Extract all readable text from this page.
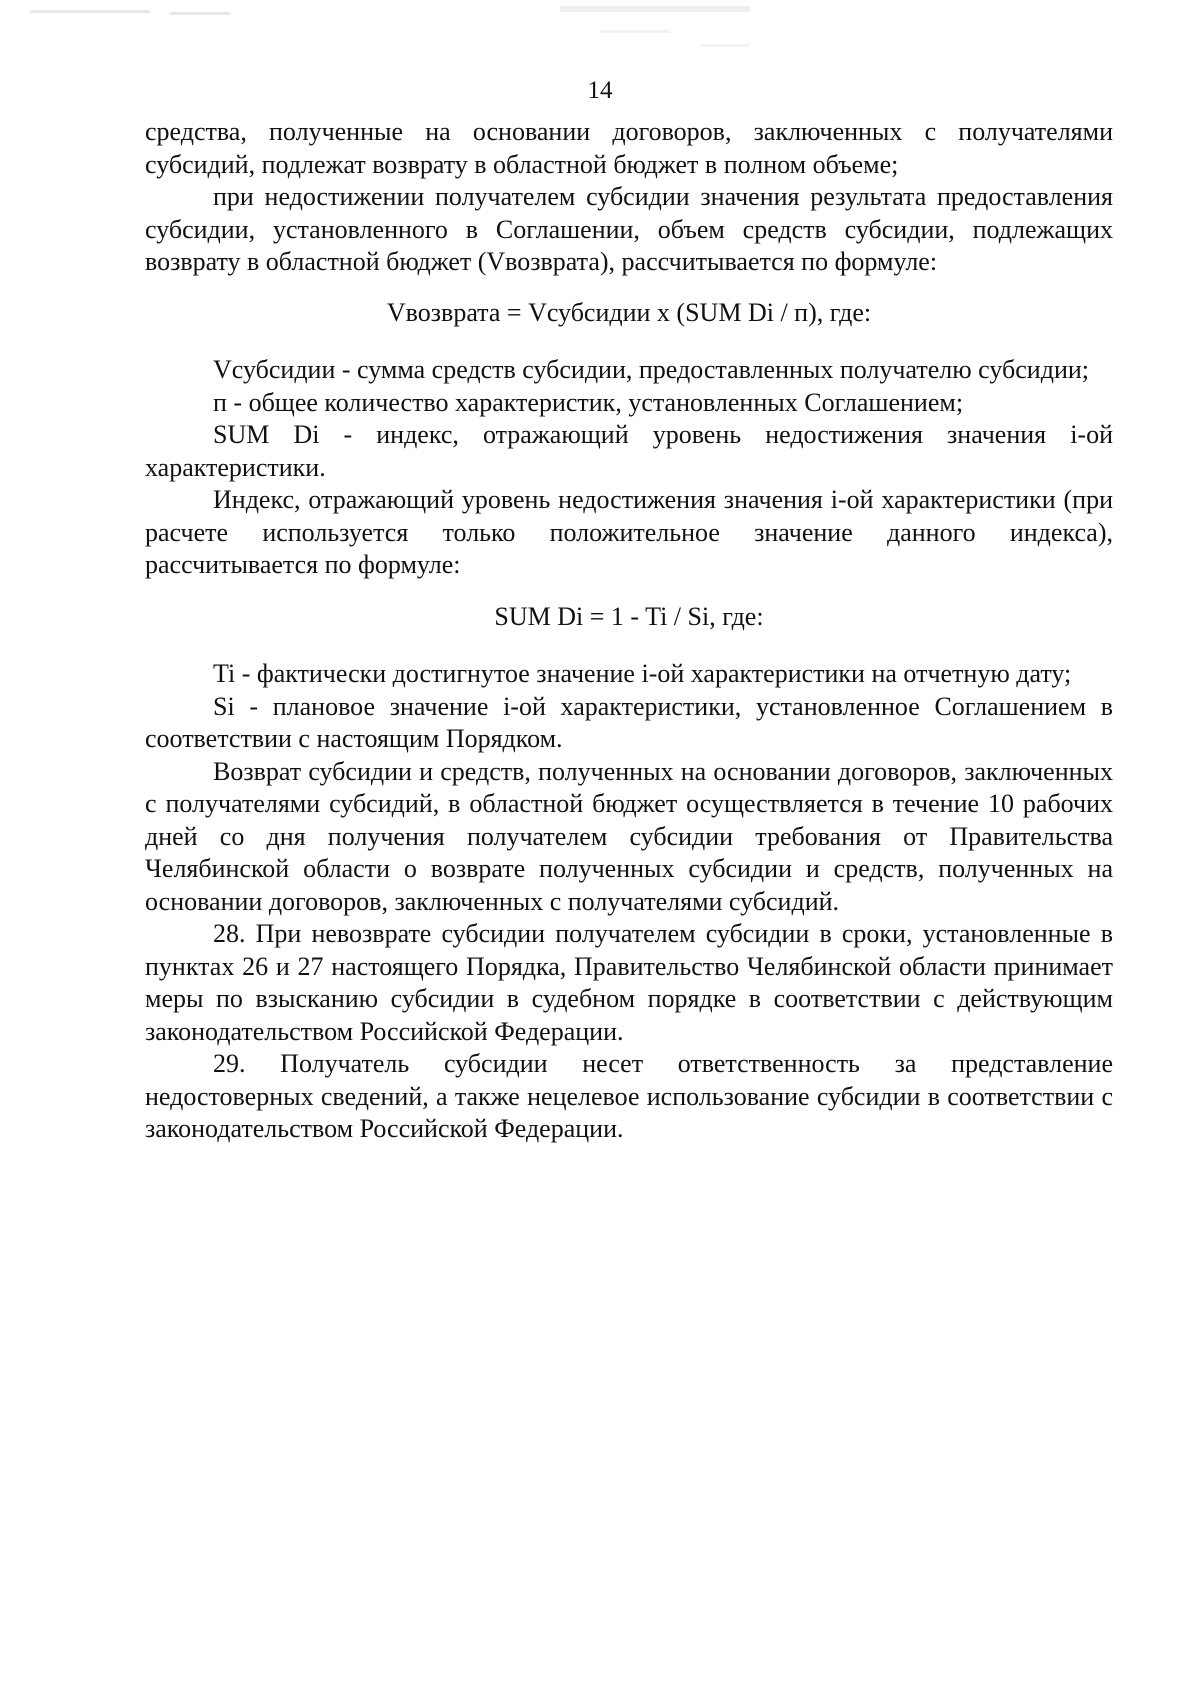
14

средства, полученные на основании договоров, заключенных с получателями субсидий, подлежат возврату в областной бюджет в полном объеме;

при недостижении получателем субсидии значения результата предоставления субсидии, установленного в Соглашении, объем средств субсидии, подлежащих возврату в областной бюджет (Vвозврата), рассчитывается по формуле:

Vвозврата = Vсубсидии x (SUM Di / п), где:

Vсубсидии - сумма средств субсидии, предоставленных получателю субсидии;

п - общее количество характеристик, установленных Соглашением;

SUM Di - индекс, отражающий уровень недостижения значения i-ой характеристики.

Индекс, отражающий уровень недостижения значения i-ой характеристики (при расчете используется только положительное значение данного индекса), рассчитывается по формуле:

SUM Di = 1 - Ti / Si, где:

Ti - фактически достигнутое значение i-ой характеристики на отчетную дату;

Si - плановое значение i-ой характеристики, установленное Соглашением в соответствии с настоящим Порядком.

Возврат субсидии и средств, полученных на основании договоров, заключенных с получателями субсидий, в областной бюджет осуществляется в течение 10 рабочих дней со дня получения получателем субсидии требования от Правительства Челябинской области о возврате полученных субсидии и средств, полученных на основании договоров, заключенных с получателями субсидий.

28. При невозврате субсидии получателем субсидии в сроки, установленные в пунктах 26 и 27 настоящего Порядка, Правительство Челябинской области принимает меры по взысканию субсидии в судебном порядке в соответствии с действующим законодательством Российской Федерации.

29. Получатель субсидии несет ответственность за представление недостоверных сведений, а также нецелевое использование субсидии в соответствии с законодательством Российской Федерации.
